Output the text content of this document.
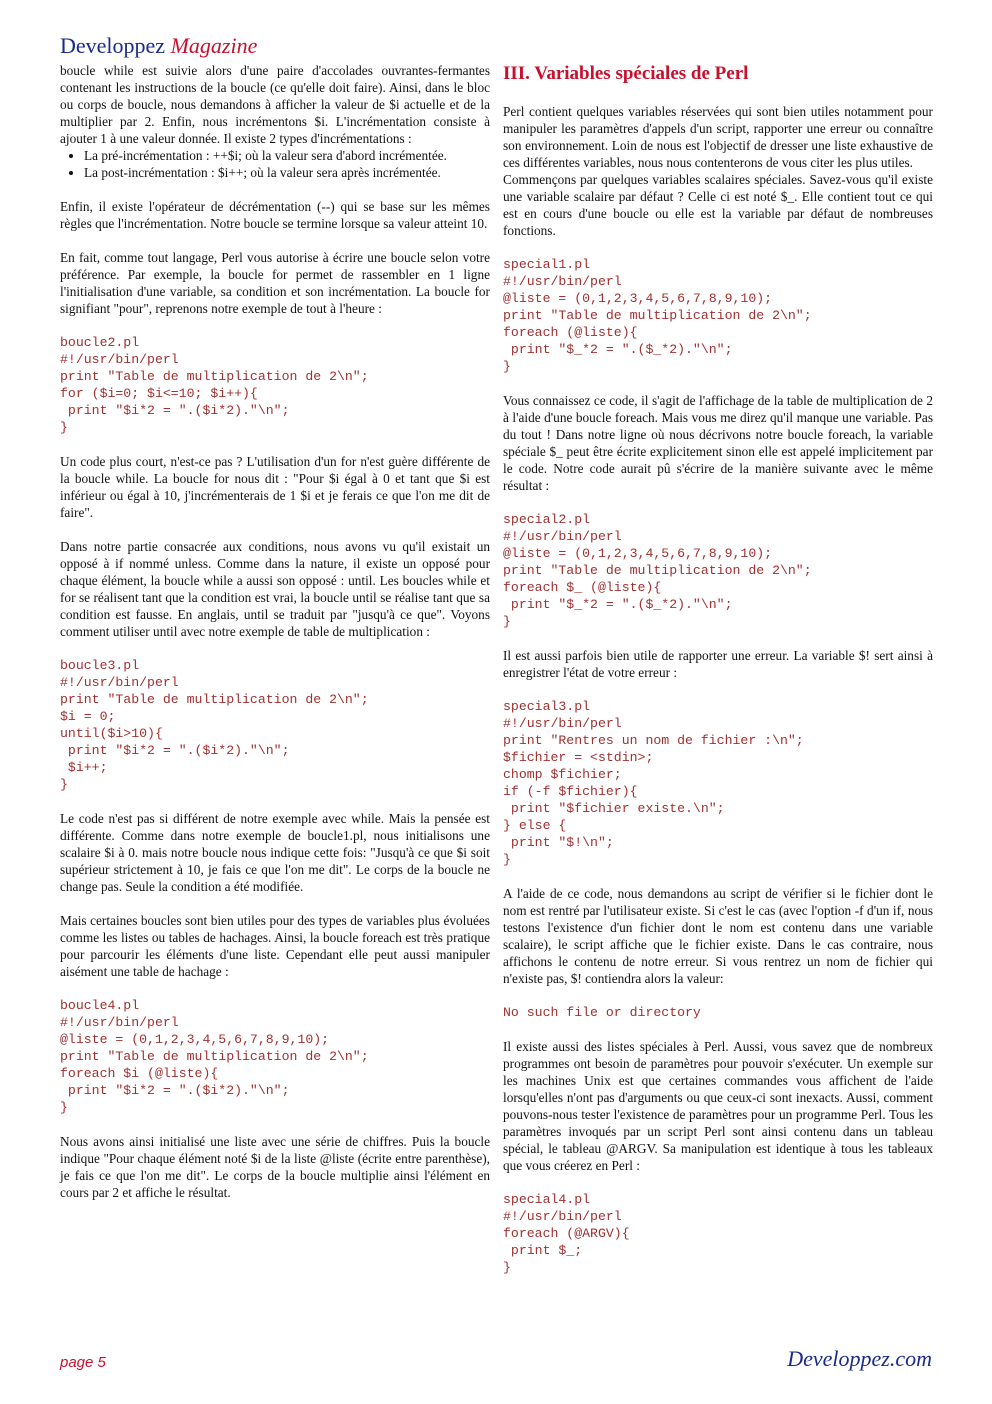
Developpez Magazine

boucle while est suivie alors d'une paire d'accolades ouvrantes-fermantes contenant les instructions de la boucle (ce qu'elle doit faire). Ainsi, dans le bloc ou corps de boucle, nous demandons à afficher la valeur de $i actuelle et de la multiplier par 2. Enfin, nous incrémentons $i. L'incrémentation consiste à ajouter 1 à une valeur donnée. Il existe 2 types d'incrémentations :

• La pré-incrémentation : ++$i; où la valeur sera d'abord incrémentée.
• La post-incrémentation : $i++; où la valeur sera après incrémentée.

Enfin, il existe l'opérateur de décrémentation (--) qui se base sur les mêmes règles que l'incrémentation. Notre boucle se termine lorsque sa valeur atteint 10.

En fait, comme tout langage, Perl vous autorise à écrire une boucle selon votre préférence. Par exemple, la boucle for permet de rassembler en 1 ligne l'initialisation d'une variable, sa condition et son incrémentation. La boucle for signifiant "pour", reprenons notre exemple de tout à l'heure :

boucle2.pl
#!/usr/bin/perl
print "Table de multiplication de 2\n";
for ($i=0; $i<=10; $i++){
print "$i*2 = ".($i*2)."\n";
}

Un code plus court, n'est-ce pas ? L'utilisation d'un for n'est guère différente de la boucle while. La boucle for nous dit : "Pour $i égal à 0 et tant que $i est inférieur ou égal à 10, j'incrémenterais de 1 $i et je ferais ce que l'on me dit de faire".

Dans notre partie consacrée aux conditions, nous avons vu qu'il existait un opposé à if nommé unless. Comme dans la nature, il existe un opposé pour chaque élément, la boucle while a aussi son opposé : until. Les boucles while et for se réalisent tant que la condition est vrai, la boucle until se réalise tant que sa condition est fausse. En anglais, until se traduit par "jusqu'à ce que". Voyons comment utiliser until avec notre exemple de table de multiplication :

boucle3.pl
#!/usr/bin/perl
print "Table de multiplication de 2\n";
$i = 0;
until($i>10){
print "$i*2 = ".($i*2)."\n";
$i++;
}

Le code n'est pas si différent de notre exemple avec while. Mais la pensée est différente. Comme dans notre exemple de boucle1.pl, nous initialisons une scalaire $i à 0. mais notre boucle nous indique cette fois: "Jusqu'à ce que $i soit supérieur strictement à 10, je fais ce que l'on me dit". Le corps de la boucle ne change pas. Seule la condition a été modifiée.

Mais certaines boucles sont bien utiles pour des types de variables plus évoluées comme les listes ou tables de hachages. Ainsi, la boucle foreach est très pratique pour parcourir les éléments d'une liste. Cependant elle peut aussi manipuler aisément une table de hachage :

boucle4.pl
#!/usr/bin/perl
@liste = (0,1,2,3,4,5,6,7,8,9,10);
print "Table de multiplication de 2\n";
foreach $i (@liste){
print "$i*2 = ".($i*2)."\n";
}

Nous avons ainsi initialisé une liste avec une série de chiffres. Puis la boucle indique "Pour chaque élément noté $i de la liste @liste (écrite entre parenthèse), je fais ce que l'on me dit". Le corps de la boucle multiplie ainsi l'élément en cours par 2 et affiche le résultat.

III. Variables spéciales de Perl

Perl contient quelques variables réservées qui sont bien utiles notamment pour manipuler les paramètres d'appels d'un script, rapporter une erreur ou connaître son environnement. Loin de nous est l'objectif de dresser une liste exhaustive de ces différentes variables, nous nous contenterons de vous citer les plus utiles.

Commençons par quelques variables scalaires spéciales. Savez-vous qu'il existe une variable scalaire par défaut ? Celle ci est noté $_. Elle contient tout ce qui est en cours d'une boucle ou elle est la variable par défaut de nombreuses fonctions.

special1.pl
#!/usr/bin/perl
@liste = (0,1,2,3,4,5,6,7,8,9,10);
print "Table de multiplication de 2\n";
foreach (@liste){
print "$_*2 = ".($_*2)."\n";
}

Vous connaissez ce code, il s'agit de l'affichage de la table de multiplication de 2 à l'aide d'une boucle foreach. Mais vous me direz qu'il manque une variable. Pas du tout ! Dans notre ligne où nous décrivons notre boucle foreach, la variable spéciale $_ peut être écrite explicitement sinon elle est appelé implicitement par le code. Notre code aurait pû s'écrire de la manière suivante avec le même résultat :

special2.pl
#!/usr/bin/perl
@liste = (0,1,2,3,4,5,6,7,8,9,10);
print "Table de multiplication de 2\n";
foreach $_ (@liste){
print "$_*2 = ".($_*2)."\n";
}

Il est aussi parfois bien utile de rapporter une erreur. La variable $! sert ainsi à enregistrer l'état de votre erreur :

special3.pl
#!/usr/bin/perl
print "Rentres un nom de fichier :\n";
$fichier = <stdin>;
chomp $fichier;
if (-f $fichier){
print "$fichier existe.\n";
} else {
print "$!\n";
}

A l'aide de ce code, nous demandons au script de vérifier si le fichier dont le nom est rentré par l'utilisateur existe. Si c'est le cas (avec l'option -f d'un if, nous testons l'existence d'un fichier dont le nom est contenu dans une variable scalaire), le script affiche que le fichier existe. Dans le cas contraire, nous affichons le contenu de notre erreur. Si vous rentrez un nom de fichier qui n'existe pas, $! contiendra alors la valeur:

No such file or directory

Il existe aussi des listes spéciales à Perl. Aussi, vous savez que de nombreux programmes ont besoin de paramètres pour pouvoir s'exécuter. Un exemple sur les machines Unix est que certaines commandes vous affichent de l'aide lorsqu'elles n'ont pas d'arguments ou que ceux-ci sont inexacts. Aussi, comment pouvons-nous tester l'existence de paramètres pour un programme Perl. Tous les paramètres invoqués par un script Perl sont ainsi contenu dans un tableau spécial, le tableau @ARGV. Sa manipulation est identique à tous les tableaux que vous créerez en Perl :

special4.pl
#!/usr/bin/perl
foreach (@ARGV){
print $_;
}
page 5	Developpez.com
